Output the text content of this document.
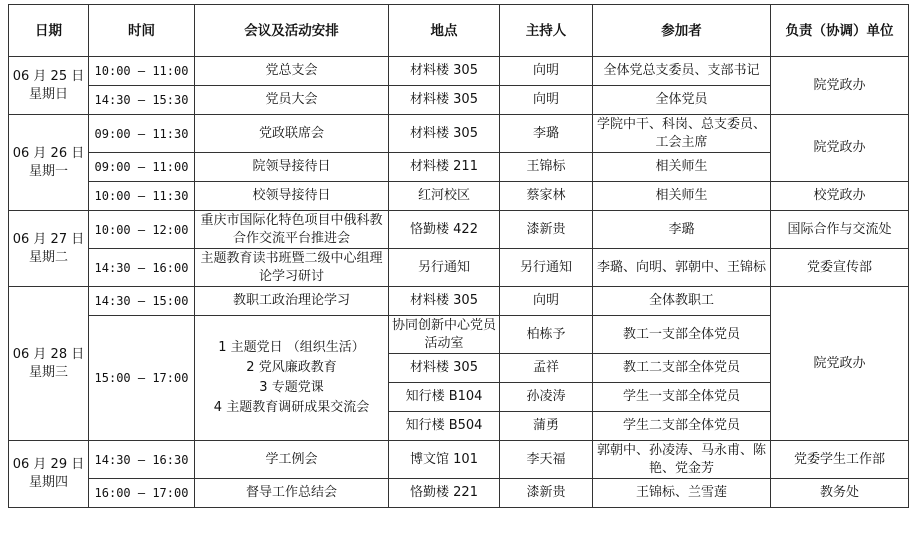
日期	时间	会议及活动安排	地点	主持人	参加者	负责（协调）单位

06 月 25 日
星期日	10:00 – 11:00	党总支会	材料楼 305	向明	全体党总支委员、支部书记	院党政办
	14:30 – 15:30	党员大会	材料楼 305	向明	全体党员	

06 月 26 日
星期一	09:00 – 11:30	党政联席会	材料楼 305	李璐	学院中干、科岗、总支委员、工会主席	院党政办
	09:00 – 11:00	院领导接待日	材料楼 211	王锦标	相关师生	
	10:00 – 11:30	校领导接待日	红河校区	蔡家林	相关师生	校党政办

06 月 27 日
星期二	10:00 – 12:00	重庆市国际化特色项目中俄科教合作交流平台推进会	恪勤楼 422	漆新贵	李璐	国际合作与交流处
	14:30 – 16:00	主题教育读书班暨二级中心组理论学习研讨	另行通知	另行通知	李璐、向明、郭朝中、王锦标	党委宣传部

06 月 28 日
星期三	14:30 – 15:00	教职工政治理论学习	材料楼 305	向明	全体教职工	院党政办
	15:00 – 17:00	1 主题党日 （组织生活）
2 党风廉政教育
3 专题党课
4 主题教育调研成果交流会	协同创新中心党员活动室	柏栋予	教工一支部全体党员	
			材料楼 305	孟祥	教工二支部全体党员	
			知行楼 B104	孙凌涛	学生一支部全体党员	
			知行楼 B504	蒲勇	学生二支部全体党员	

06 月 29 日
星期四	14:30 – 16:30	学工例会	博文馆 101	李天福	郭朝中、孙凌涛、马永甫、陈艳、党金芳	党委学生工作部
	16:00 – 17:00	督导工作总结会	恪勤楼 221	漆新贵	王锦标、兰雪莲	教务处
